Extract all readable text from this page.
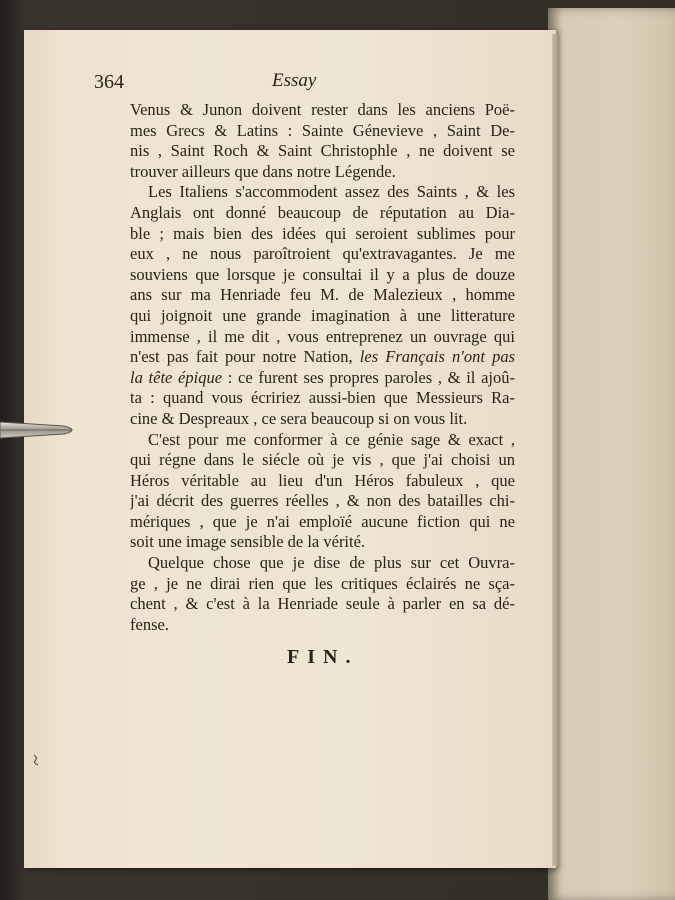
364	Essay
Venus & Junon doivent rester dans les anciens Poë-
mes Grecs & Latins : Sainte Génevieve , Saint De-
nis , Saint Roch & Saint Christophle , ne doivent se
trouver ailleurs que dans notre Légende.
Les Italiens s'accommodent assez des Saints , & les
Anglais ont donné beaucoup de réputation au Dia-
ble ; mais bien des idées qui seroient sublimes pour
eux , ne nous paroîtroient qu'extravagantes. Je me
souviens que lorsque je consultai il y a plus de douze
ans sur ma Henriade feu M. de Malezieux , homme
qui joignoit une grande imagination à une litterature
immense , il me dit , vous entreprenez un ouvrage qui
n'est pas fait pour notre Nation, les Français n'ont pas
la tête épique : ce furent ses propres paroles , & il ajoû-
ta : quand vous écririez aussi-bien que Messieurs Ra-
cine & Despreaux , ce sera beaucoup si on vous lit.
C'est pour me conformer à ce génie sage & exact ,
qui régne dans le siécle où je vis , que j'ai choisi un
Héros véritable au lieu d'un Héros fabuleux , que
j'ai décrit des guerres réelles , & non des batailles chi-
mériques , que je n'ai emploïé aucune fiction qui ne
soit une image sensible de la vérité.
Quelque chose que je dise de plus sur cet Ouvra-
ge , je ne dirai rien que les critiques éclairés ne sça-
chent , & c'est à la Henriade seule à parler en sa dé-
fense.
FIN.
